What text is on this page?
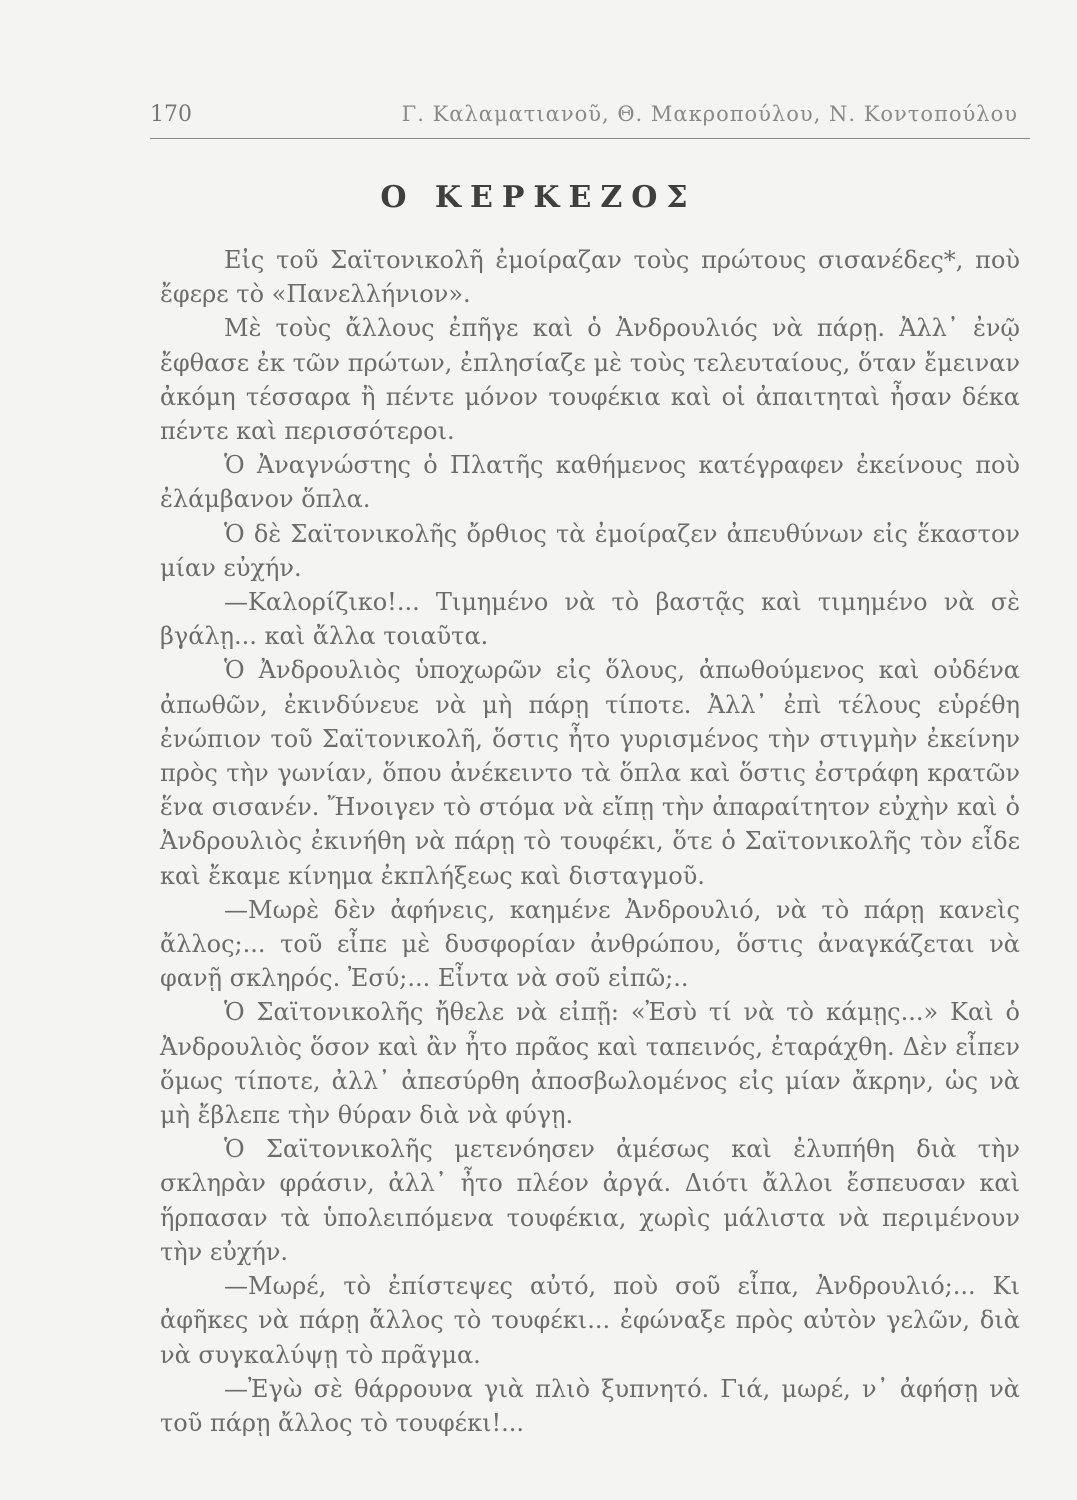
170	Γ. Καλαματιανοῦ, Θ. Μακροπούλου, Ν. Κοντοπούλου
Ο ΚΕΡΚΕΖΟΣ

Εἰς τοῦ Σαϊτονικολῆ ἐμοίραζαν τοὺς πρώτους σισανέδες*, ποὺ ἔφερε τὸ «Πανελλήνιον».

Μὲ τοὺς ἄλλους ἐπῆγε καὶ ὁ Ἀνδρουλιός νὰ πάρῃ. Ἀλλ᾿ ἐνῷ ἔφθασε ἐκ τῶν πρώτων, ἐπλησίαζε μὲ τοὺς τελευταίους, ὅταν ἔμειναν ἀκόμη τέσσαρα ἢ πέντε μόνον τουφέκια καὶ οἱ ἀπαιτηταὶ ἦσαν δέκα πέντε καὶ περισσότεροι.

Ὁ Ἀναγνώστης ὁ Πλατῆς καθήμενος κατέγραφεν ἐκείνους ποὺ ἐλάμβανον ὅπλα.

Ὁ δὲ Σαϊτονικολῆς ὄρθιος τὰ ἐμοίραζεν ἀπευθύνων εἰς ἕκαστον μίαν εὐχήν.

—Καλορίζικο!... Τιμημένο νὰ τὸ βαστᾷς καὶ τιμημένο νὰ σὲ βγάλῃ... καὶ ἄλλα τοιαῦτα.

Ὁ Ἀνδρουλιὸς ὑποχωρῶν εἰς ὅλους, ἀπωθούμενος καὶ οὐδένα ἀπωθῶν, ἐκινδύνευε νὰ μὴ πάρῃ τίποτε. Ἀλλ᾿ ἐπὶ τέλους εὑρέθη ἐνώπιον τοῦ Σαϊτονικολῆ, ὅστις ἦτο γυρισμένος τὴν στιγμὴν ἐκείνην πρὸς τὴν γωνίαν, ὅπου ἀνέκειντο τὰ ὅπλα καὶ ὅστις ἐστράφη κρατῶν ἕνα σισανέν. Ἤνοιγεν τὸ στόμα νὰ εἴπῃ τὴν ἀπαραίτητον εὐχὴν καὶ ὁ Ἀνδρουλιὸς ἐκινήθη νὰ πάρῃ τὸ τουφέκι, ὅτε ὁ Σαϊτονικολῆς τὸν εἶδε καὶ ἔκαμε κίνημα ἐκπλήξεως καὶ δισταγμοῦ.

—Μωρὲ δὲν ἀφήνεις, καημένε Ἀνδρουλιό, νὰ τὸ πάρῃ κανεὶς ἄλλος;... τοῦ εἶπε μὲ δυσφορίαν ἀνθρώπου, ὅστις ἀναγκάζεται νὰ φανῇ σκληρός. Ἐσύ;... Εἶντα νὰ σοῦ εἰπῶ;..

Ὁ Σαϊτονικολῆς ἤθελε νὰ εἰπῇ: «Ἐσὺ τί νὰ τὸ κάμῃς...» Καὶ ὁ Ἀνδρουλιὸς ὅσον καὶ ἂν ἦτο πρᾶος καὶ ταπεινός, ἐταράχθη. Δὲν εἶπεν ὅμως τίποτε, ἀλλ᾿ ἀπεσύρθη ἀποσβωλομένος εἰς μίαν ἄκρην, ὡς νὰ μὴ ἔβλεπε τὴν θύραν διὰ νὰ φύγῃ.

Ὁ Σαϊτονικολῆς μετενόησεν ἀμέσως καὶ ἐλυπήθη διὰ τὴν σκληρὰν φράσιν, ἀλλ᾿ ἦτο πλέον ἀργά. Διότι ἄλλοι ἔσπευσαν καὶ ἥρπασαν τὰ ὑπολειπόμενα τουφέκια, χωρὶς μάλιστα νὰ περιμένουν τὴν εὐχήν.

—Μωρέ, τὸ ἐπίστεψες αὐτό, ποὺ σοῦ εἶπα, Ἀνδρουλιό;... Κι ἀφῆκες νὰ πάρῃ ἄλλος τὸ τουφέκι... ἐφώναξε πρὸς αὐτὸν γελῶν, διὰ νὰ συγκαλύψῃ τὸ πρᾶγμα.

—Ἐγὼ σὲ θάρρουνα γιὰ πλιὸ ξυπνητό. Γιά, μωρέ, ν᾿ ἀφήσῃ νὰ τοῦ πάρῃ ἄλλος τὸ τουφέκι!...
